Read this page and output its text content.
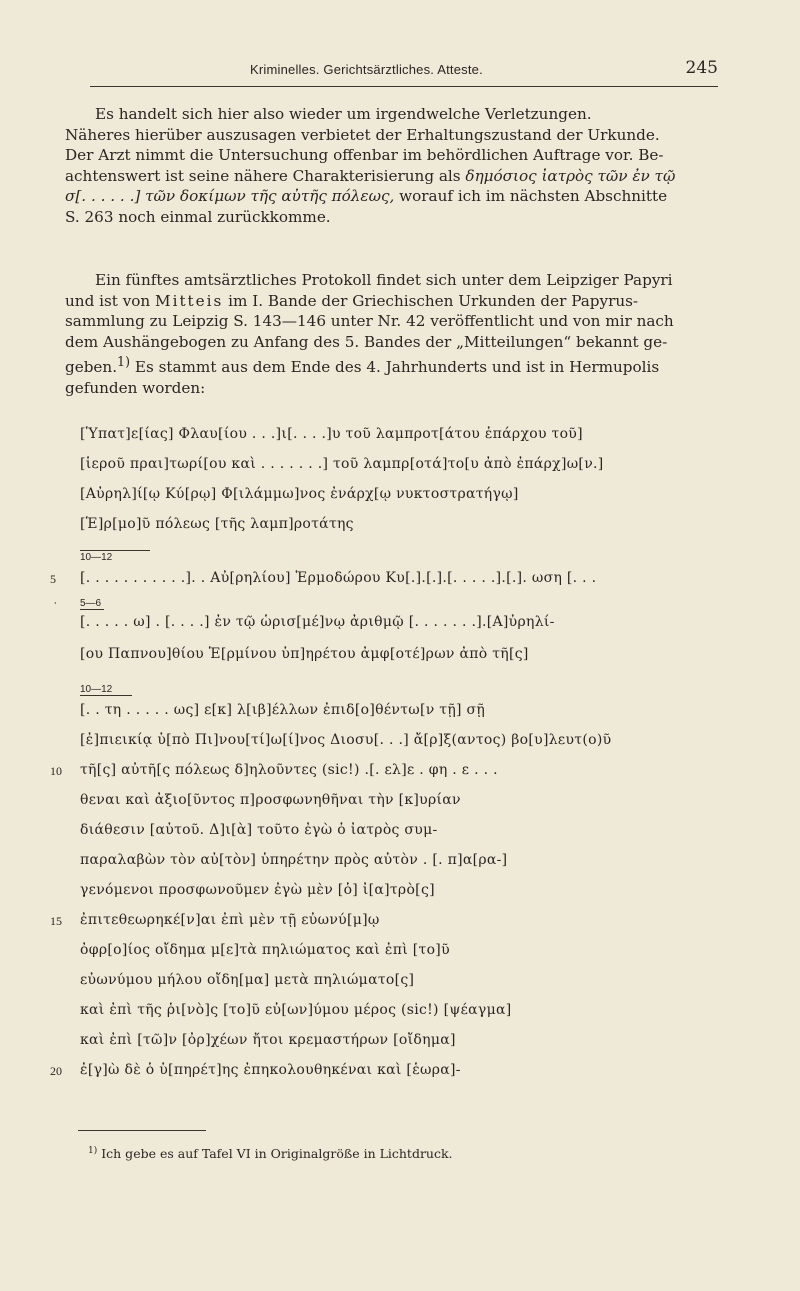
Kriminelles. Gerichtsärztliches. Atteste.	245
Es handelt sich hier also wieder um irgendwelche Verletzungen.
Näheres hierüber auszusagen verbietet der Erhaltungszustand der Urkunde.
Der Arzt nimmt die Untersuchung offenbar im behördlichen Auftrage vor. Be-
achtenswert ist seine nähere Charakterisierung als δημόσιος ἰατρὸς τῶν ἐν τῷ
σ[. . . . . .] τῶν δοκίμων τῆς αὐτῆς πόλεως, worauf ich im nächsten Abschnitte
S. 263 noch einmal zurückkomme.
Ein fünftes amtsärztliches Protokoll findet sich unter dem Leipziger Papyri
und ist von Mitteis im I. Bande der Griechischen Urkunden der Papyrus-
sammlung zu Leipzig S. 143—146 unter Nr. 42 veröffentlicht und von mir nach
dem Aushängebogen zu Anfang des 5. Bandes der „Mitteilungen“ bekannt ge-
geben.$^{1)}$ Es stammt aus dem Ende des 4. Jahrhunderts und ist in Hermupolis
gefunden worden:
[Ὑπατ]ε[ίας] Φλαυ[ίου . . .]ι[. . . .]υ τοῦ λαμπροτ[άτου ἐπάρχου τοῦ]
[ἱεροῦ πραι]τωρί[ου καὶ . . . . . . .] τοῦ λαμπρ[οτά]το[υ ἀπὸ ἐπάρχ]ω[ν.]
[Αὐρηλ]ί[ῳ Κύ[ρῳ] Φ[ιλάμμω]νος ἐνάρχ[ῳ νυκτοστρατήγῳ]
[Ἑ]ρ[μο]ῦ πόλεως [τῆς λαμπ]ροτάτης
10—12
5	[. . . . . . . . . . .]. . Αὐ[ρηλίου] Ἑρμοδώρου Κυ[.].[.].[. . . . .].[.]. ωση [. . .
⸳ 5—6
[. . . . . ω] . [. . . .] ἐν τῷ ὡρισ[μέ]νῳ ἀριθμῷ [. . . . . . .].[Α]ὐρηλί-
[ου Παπνου]θίου Ἑ[ρμίνου ὑπ]ηρέτου ἀμφ[οτέ]ρων ἀπὸ τῆ[ς]
10—12
[. . τη . . . . . ως] ε[κ] λ[ιβ]έλλων ἐπιδ[ο]θέντω[ν τῇ] σῇ
[ἐ]πιεικίᾳ ὑ[πὸ Πι]νου[τί]ω[ί]νος Διοσυ[. . .] ἄ[ρ]ξ(αντος) βο[υ]λευτ(ο)ῦ
10	τῆ[ς] αὐτῆ[ς πόλεως δ]ηλοῦντες (sic!) .[. ελ]ε . φη . ε . . .
θεναι καὶ ἀξιο[ῦντος π]ροσφωνηθῆναι τὴν [κ]υρίαν
διάθεσιν [αὐτοῦ. Δ]ι[ὰ] τοῦτο ἐγὼ ὁ ἰατρὸς συμ-
παραλαβὼν τὸν αὐ[τὸν] ὑπηρέτην πρὸς αὐτὸν . [. π]α[ρα-]
γενόμενοι προσφωνοῦμεν ἐγὼ μὲν [ὁ] ἰ[α]τρὸ[ς]
15	ἐπιτεθεωρηκέ[ν]αι ἐπὶ μὲν τῇ εὐωνύ[μ]ῳ
ὀφρ[ο]ίος οἴδημα μ[ε]τὰ πηλιώματος καὶ ἐπὶ [το]ῦ
εὐωνύμου μήλου οἴδη[μα] μετὰ πηλιώματο[ς]
καὶ ἐπὶ τῆς ῥι[νὸ]ς [το]ῦ εὐ[ων]ύμου μέρος (sic!) [ψέαγμα]
καὶ ἐπὶ [τῶ]ν [ὀρ]χέων ἤτοι κρεμαστήρων [οἴδημα]
20	ἐ[γ]ὼ δὲ ὁ ὑ[πηρέτ]ης ἐπηκολουθηκέναι καὶ [ἑωρα]-
$^{1)}$ Ich gebe es auf Tafel VI in Originalgröße in Lichtdruck.
